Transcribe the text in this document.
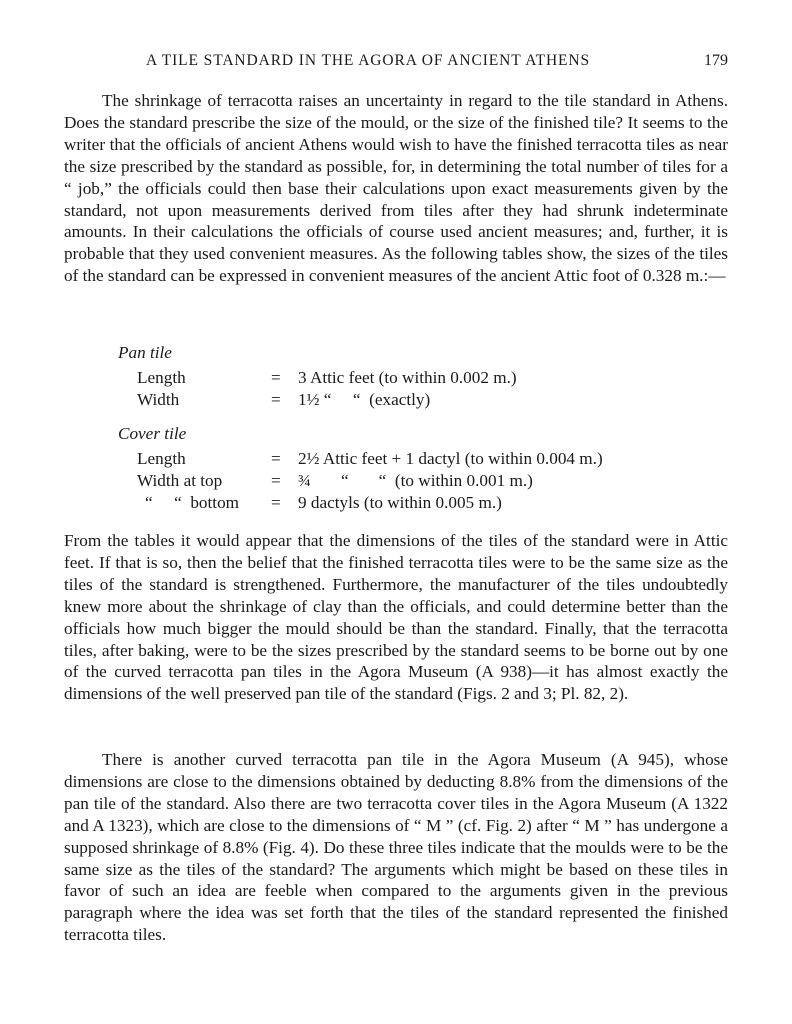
A TILE STANDARD IN THE AGORA OF ANCIENT ATHENS	179

The shrinkage of terracotta raises an uncertainty in regard to the tile standard in Athens. Does the standard prescribe the size of the mould, or the size of the finished tile? It seems to the writer that the officials of ancient Athens would wish to have the finished terracotta tiles as near the size prescribed by the standard as possible, for, in determining the total number of tiles for a “ job,” the officials could then base their calculations upon exact measurements given by the standard, not upon measurements derived from tiles after they had shrunk indeterminate amounts. In their calculations the officials of course used ancient measures; and, further, it is probable that they used convenient measures. As the following tables show, the sizes of the tiles of the standard can be expressed in convenient measures of the ancient Attic foot of 0.328 m.:—

Pan tile
Length	= 3 Attic feet (to within 0.002 m.)
Width	= 1½ “     “  (exactly)
Cover tile
Length	= 2½ Attic feet + 1 dactyl (to within 0.004 m.)
Width at top	= ¾       “       “  (to within 0.001 m.)
“     “  bottom = 9 dactyls (to within 0.005 m.)

From the tables it would appear that the dimensions of the tiles of the standard were in Attic feet. If that is so, then the belief that the finished terracotta tiles were to be the same size as the tiles of the standard is strengthened. Furthermore, the manufacturer of the tiles undoubtedly knew more about the shrinkage of clay than the officials, and could determine better than the officials how much bigger the mould should be than the standard. Finally, that the terracotta tiles, after baking, were to be the sizes prescribed by the standard seems to be borne out by one of the curved terracotta pan tiles in the Agora Museum (A 938)—it has almost exactly the dimensions of the well preserved pan tile of the standard (Figs. 2 and 3; Pl. 82, 2).

There is another curved terracotta pan tile in the Agora Museum (A 945), whose dimensions are close to the dimensions obtained by deducting 8.8% from the dimensions of the pan tile of the standard. Also there are two terracotta cover tiles in the Agora Museum (A 1322 and A 1323), which are close to the dimensions of “ M ” (cf. Fig. 2) after “ M ” has undergone a supposed shrinkage of 8.8% (Fig. 4). Do these three tiles indicate that the moulds were to be the same size as the tiles of the standard? The arguments which might be based on these tiles in favor of such an idea are feeble when compared to the arguments given in the previous paragraph where the idea was set forth that the tiles of the standard represented the finished terracotta tiles.
